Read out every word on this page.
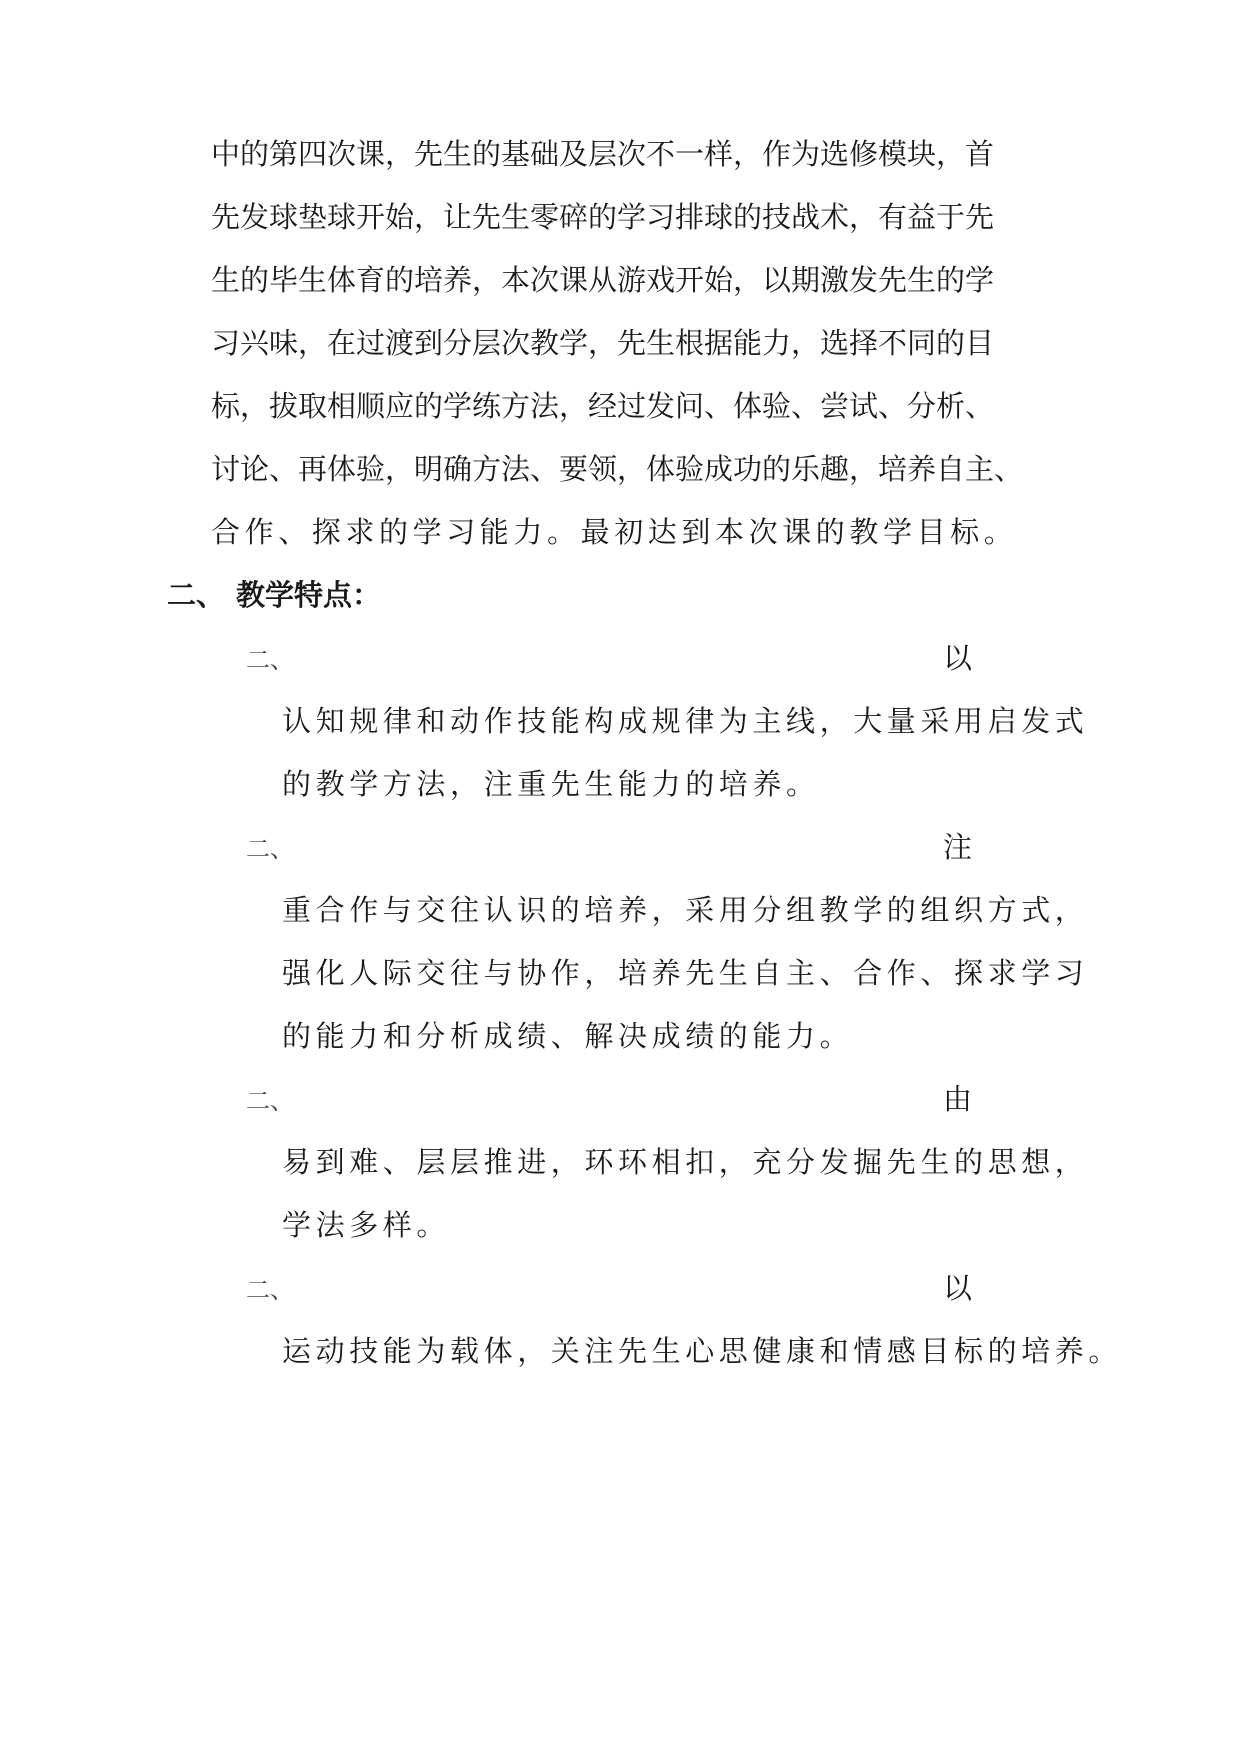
中的第四次课，先生的基础及层次不一样，作为选修模块，首
先发球垫球开始，让先生零碎的学习排球的技战术，有益于先
生的毕生体育的培养，本次课从游戏开始，以期激发先生的学
习兴味，在过渡到分层次教学，先生根据能力，选择不同的目
标，拔取相顺应的学练方法，经过发问、体验、尝试、分析、
讨论、再体验，明确方法、要领，体验成功的乐趣，培养自主、
合作、探求的学习能力。最初达到本次课的教学目标。
二、 教学特点：
二、	以
认知规律和动作技能构成规律为主线，大量采用启发式
的教学方法，注重先生能力的培养。
二、	注
重合作与交往认识的培养，采用分组教学的组织方式，
强化人际交往与协作，培养先生自主、合作、探求学习
的能力和分析成绩、解决成绩的能力。
二、	由
易到难、层层推进，环环相扣，充分发掘先生的思想，
学法多样。
二、	以
运动技能为载体，关注先生心思健康和情感目标的培养。
